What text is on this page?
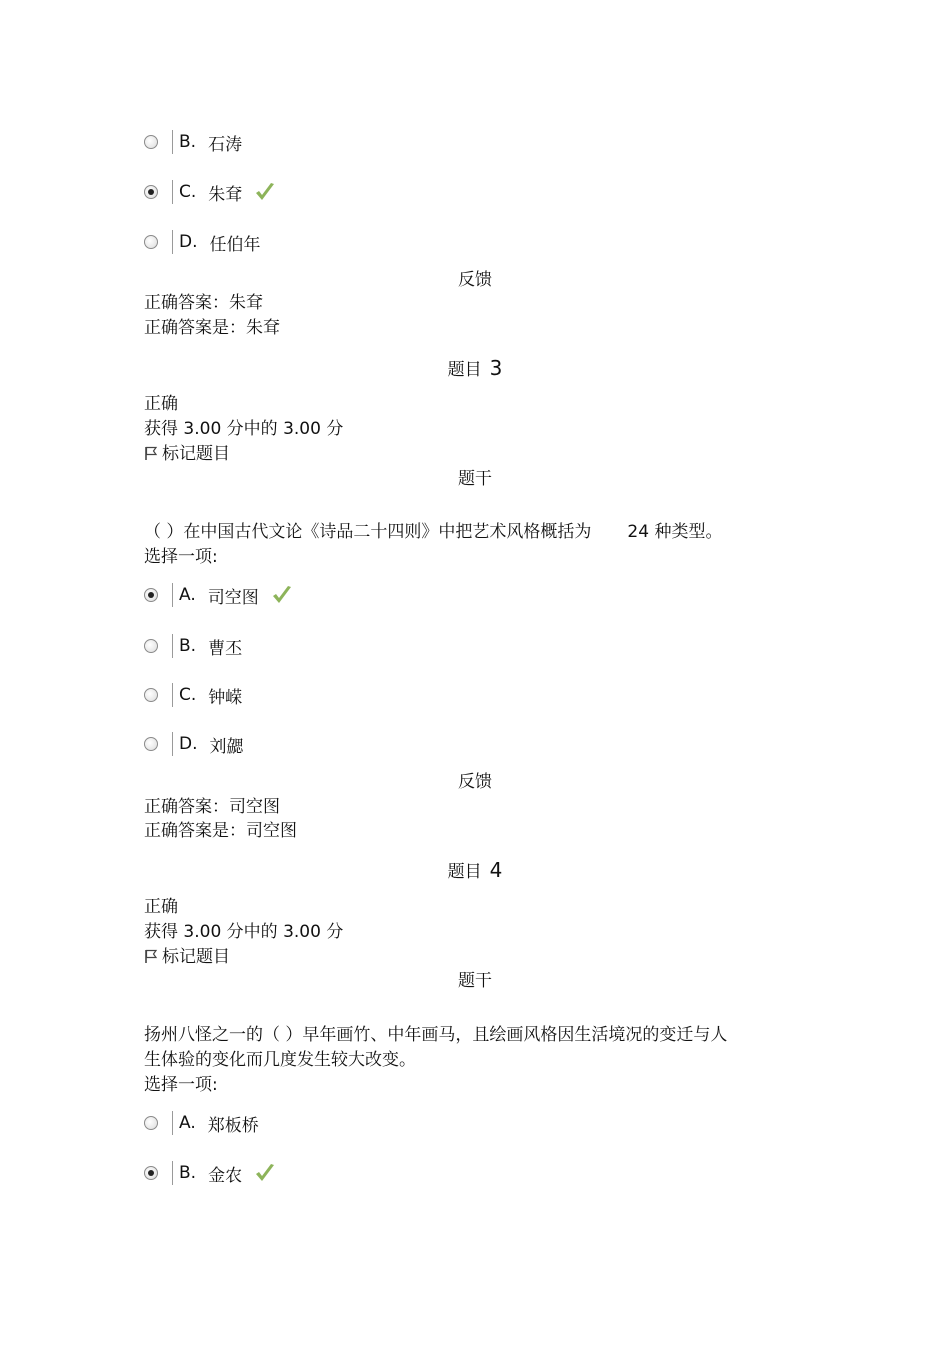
B. 石涛
C. 朱耷
D. 任伯年
反馈
正确答案：朱耷
正确答案是：朱耷
题目 3
正确
获得 3.00 分中的 3.00 分
标记题目
题干
（ ）在中国古代文论《诗品二十四则》中把艺术风格概括为 24 种类型。
选择一项:
A. 司空图
B. 曹丕
C. 钟嵘
D. 刘勰
反馈
正确答案：司空图
正确答案是：司空图
题目 4
正确
获得 3.00 分中的 3.00 分
标记题目
题干
扬州八怪之一的（ ）早年画竹、中年画马，且绘画风格因生活境况的变迁与人
生体验的变化而几度发生较大改变。
选择一项:
A. 郑板桥
B. 金农
